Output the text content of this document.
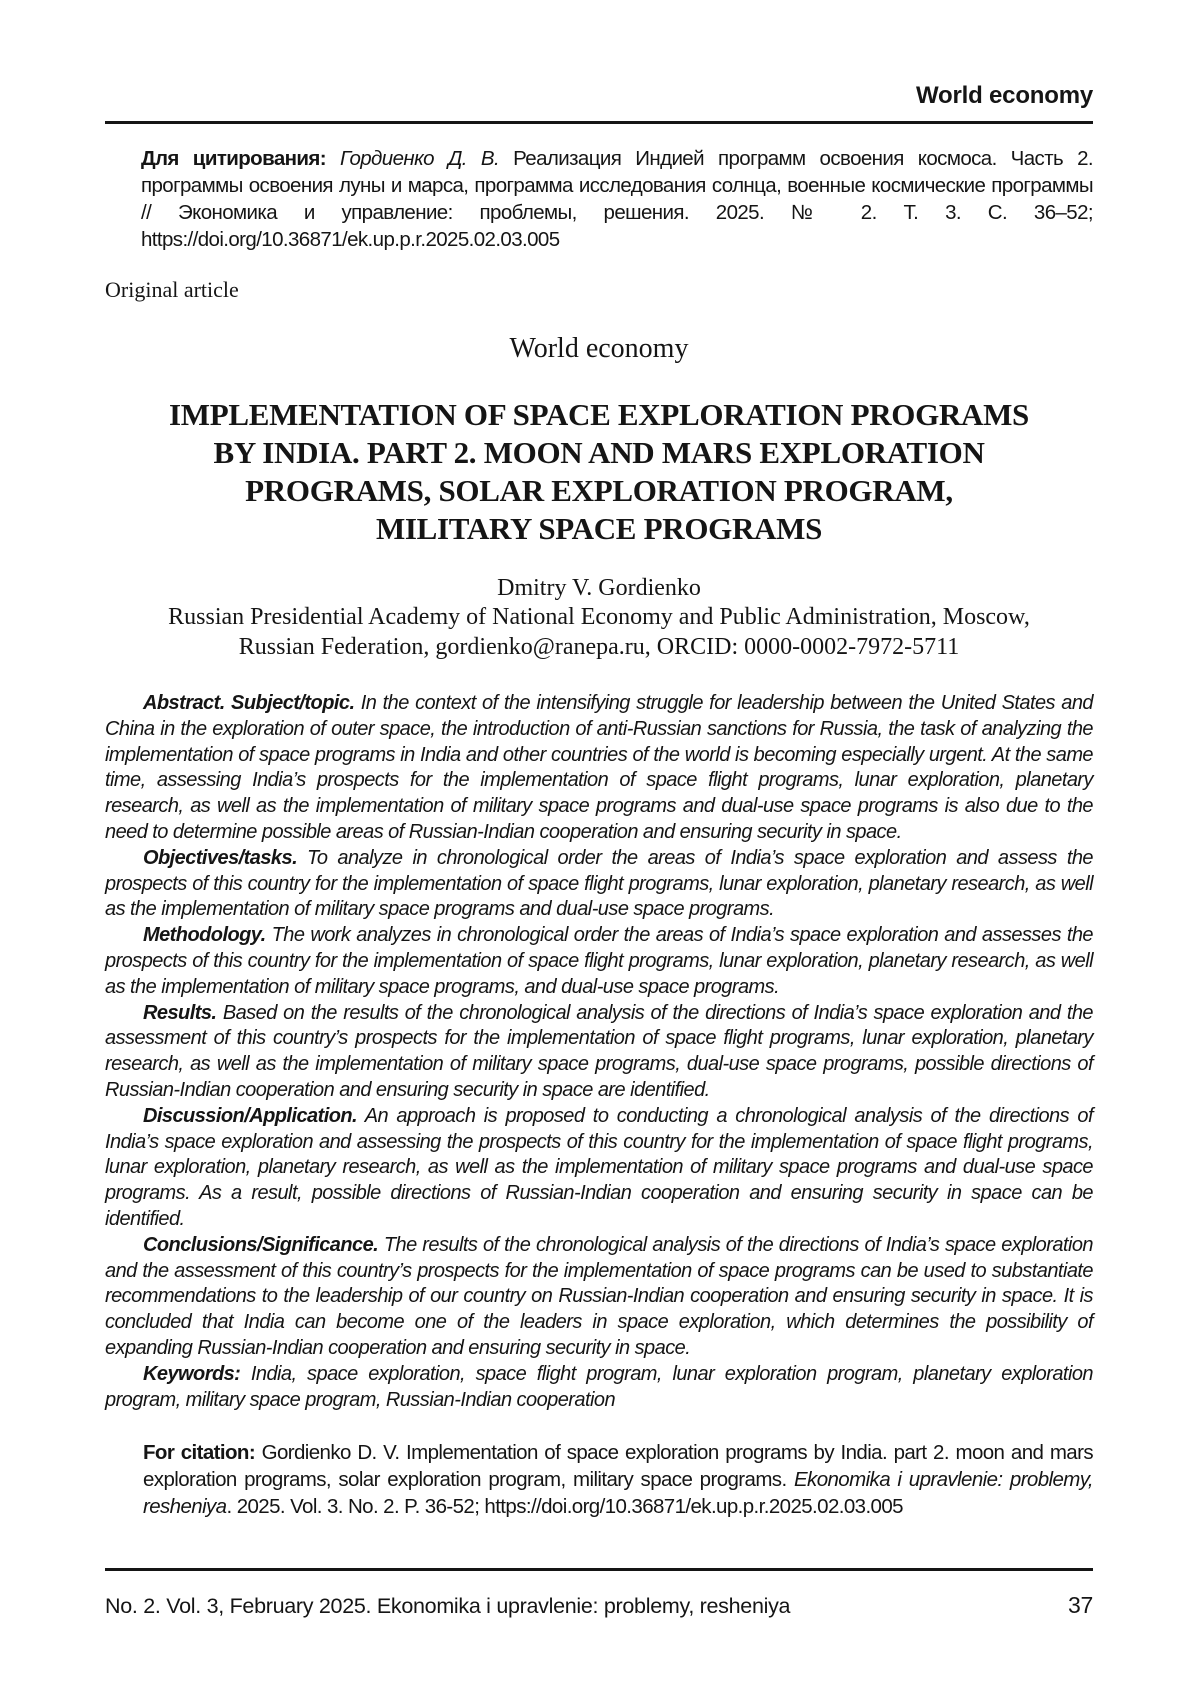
World economy

Для цитирования: Гордиенко Д. В. Реализация Индией программ освоения космоса. Часть 2. программы освоения луны и марса, программа исследования солнца, военные космические программы // Экономика и управление: проблемы, решения. 2025. № 2. Т. 3. С. 36–52; https://doi.org/10.36871/ek.up.p.r.2025.02.03.005

Original article
World economy
IMPLEMENTATION OF SPACE EXPLORATION PROGRAMS
BY INDIA. PART 2. MOON AND MARS EXPLORATION
PROGRAMS, SOLAR EXPLORATION PROGRAM,
MILITARY SPACE PROGRAMS
Dmitry V. Gordienko
Russian Presidential Academy of National Economy and Public Administration, Moscow,
Russian Federation, gordienko@ranepa.ru, ORCID: 0000-0002-7972-5711

Abstract. Subject/topic. In the context of the intensifying struggle for leadership between the United States and China in the exploration of outer space, the introduction of anti-Russian sanctions for Russia, the task of analyzing the implementation of space programs in India and other countries of the world is becoming especially urgent. At the same time, assessing India’s prospects for the implementation of space flight programs, lunar exploration, planetary research, as well as the implementation of military space programs and dual-use space programs is also due to the need to determine possible areas of Russian-Indian cooperation and ensuring security in space.

Objectives/tasks. To analyze in chronological order the areas of India’s space exploration and assess the prospects of this country for the implementation of space flight programs, lunar exploration, planetary research, as well as the implementation of military space programs and dual-use space programs.

Methodology. The work analyzes in chronological order the areas of India’s space exploration and assesses the prospects of this country for the implementation of space flight programs, lunar exploration, planetary research, as well as the implementation of military space programs, and dual-use space programs.

Results. Based on the results of the chronological analysis of the directions of India’s space exploration and the assessment of this country’s prospects for the implementation of space flight programs, lunar exploration, planetary research, as well as the implementation of military space programs, dual-use space programs, possible directions of Russian-Indian cooperation and ensuring security in space are identified.

Discussion/Application. An approach is proposed to conducting a chronological analysis of the directions of India’s space exploration and assessing the prospects of this country for the implementation of space flight programs, lunar exploration, planetary research, as well as the implementation of military space programs and dual-use space programs. As a result, possible directions of Russian-Indian cooperation and ensuring security in space can be identified.

Conclusions/Significance. The results of the chronological analysis of the directions of India’s space exploration and the assessment of this country’s prospects for the implementation of space programs can be used to substantiate recommendations to the leadership of our country on Russian-Indian cooperation and ensuring security in space. It is concluded that India can become one of the leaders in space exploration, which determines the possibility of expanding Russian-Indian cooperation and ensuring security in space.

Keywords: India, space exploration, space flight program, lunar exploration program, planetary exploration program, military space program, Russian-Indian cooperation

For citation: Gordienko D. V. Implementation of space exploration programs by India. part 2. moon and mars exploration programs, solar exploration program, military space programs. Ekonomika i upravlenie: problemy, resheniya. 2025. Vol. 3. No. 2. P. 36-52; https://doi.org/10.36871/ek.up.p.r.2025.02.03.005

No. 2. Vol. 3, February 2025. Ekonomika i upravlenie: problemy, resheniya	37
